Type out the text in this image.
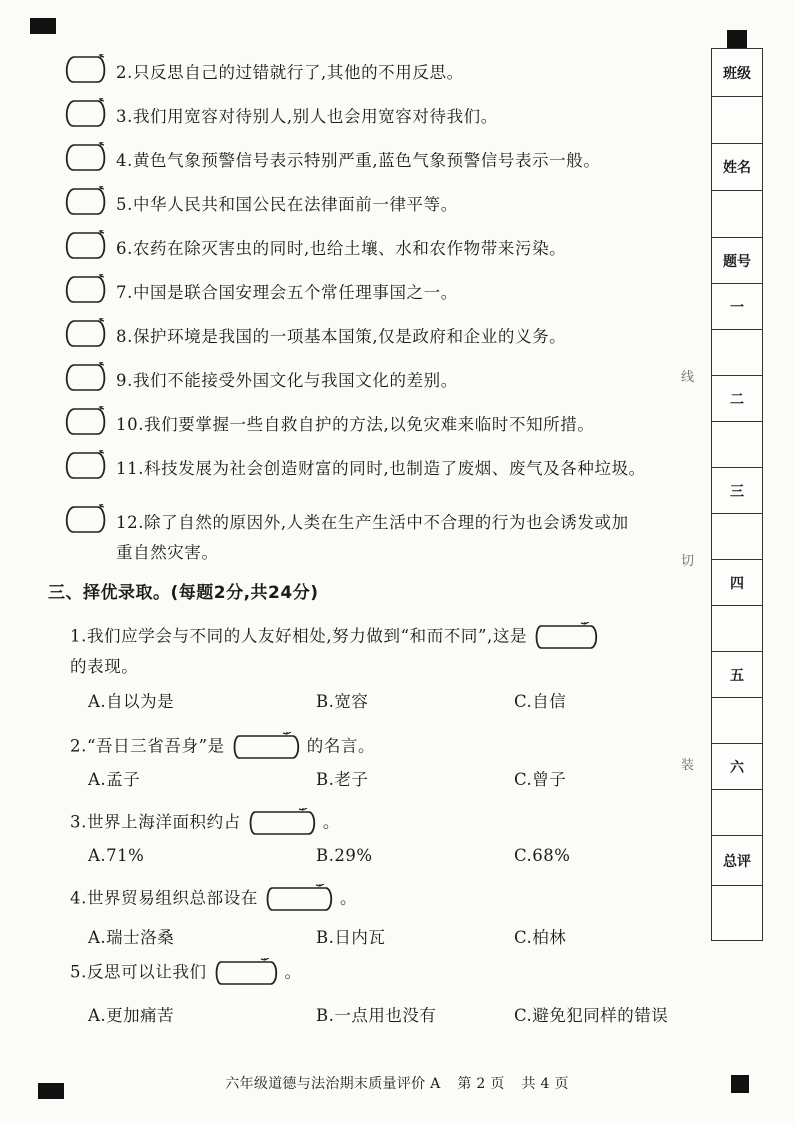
2.只反思自己的过错就行了,其他的不用反思。
3.我们用宽容对待别人,别人也会用宽容对待我们。
4.黄色气象预警信号表示特别严重,蓝色气象预警信号表示一般。
5.中华人民共和国公民在法律面前一律平等。
6.农药在除灭害虫的同时,也给土壤、水和农作物带来污染。
7.中国是联合国安理会五个常任理事国之一。
8.保护环境是我国的一项基本国策,仅是政府和企业的义务。
9.我们不能接受外国文化与我国文化的差别。
10.我们要掌握一些自救自护的方法,以免灾难来临时不知所措。
11.科技发展为社会创造财富的同时,也制造了废烟、废气及各种垃圾。
12.除了自然的原因外,人类在生产生活中不合理的行为也会诱发或加
重自然灾害。
三、择优录取。(每题2分,共24分)
1.我们应学会与不同的人友好相处,努力做到“和而不同”,这是
的表现。
A.自以为是	B.宽容	C.自信
2.“吾日三省吾身”是	的名言。
A.孟子	B.老子	C.曾子
3.世界上海洋面积约占	。
A.71%	B.29%	C.68%
4.世界贸易组织总部设在	。
A.瑞士洛桑	B.日内瓦	C.柏林
5.反思可以让我们	。
A.更加痛苦	B.一点用也没有	C.避免犯同样的错误
线
切
装
班级
姓名
题号
一
二
三
四
五
六
总评
六年级道德与法治期末质量评价 A 第 2 页 共 4 页
